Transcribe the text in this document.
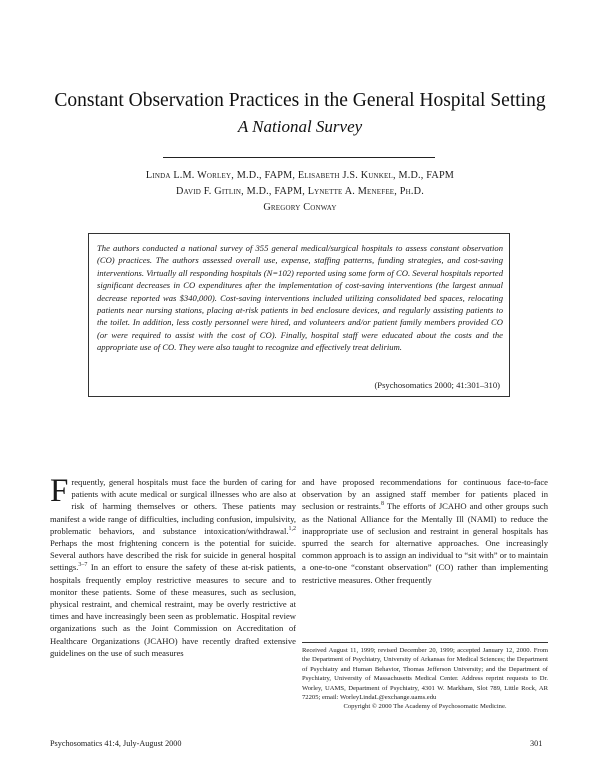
Constant Observation Practices in the General Hospital Setting
A National Survey
Linda L.M. Worley, M.D., FAPM, Elisabeth J.S. Kunkel, M.D., FAPM
David F. Gitlin, M.D., FAPM, Lynette A. Menefee, Ph.D.
Gregory Conway
The authors conducted a national survey of 355 general medical/surgical hospitals to assess constant observation (CO) practices. The authors assessed overall use, expense, staffing patterns, funding strategies, and cost-saving interventions. Virtually all responding hospitals (N=102) reported using some form of CO. Several hospitals reported significant decreases in CO expenditures after the implementation of cost-saving interventions (the largest annual decrease reported was $340,000). Cost-saving interventions included utilizing consolidated bed spaces, relocating patients near nursing stations, placing at-risk patients in bed enclosure devices, and regularly assisting patients to the toilet. In addition, less costly personnel were hired, and volunteers and/or patient family members provided CO (or were required to assist with the cost of CO). Finally, hospital staff were educated about the costs and the appropriate use of CO. They were also taught to recognize and effectively treat delirium.
(Psychosomatics 2000; 41:301–310)
Frequently, general hospitals must face the burden of caring for patients with acute medical or surgical illnesses who are also at risk of harming themselves or others. These patients may manifest a wide range of difficulties, including confusion, impulsivity, problematic behaviors, and substance intoxication/withdrawal.$^{1,2}$ Perhaps the most frightening concern is the potential for suicide. Several authors have described the risk for suicide in general hospital settings.$^{3-7}$ In an effort to ensure the safety of these at-risk patients, hospitals frequently employ restrictive measures to secure and to monitor these patients. Some of these measures, such as seclusion, physical restraint, and chemical restraint, may be overly restrictive at times and have increasingly been seen as problematic. Hospital review organizations such as the Joint Commission on Accreditation of Healthcare Organizations (JCAHO) have recently drafted extensive guidelines on the use of such measures
and have proposed recommendations for continuous face-to-face observation by an assigned staff member for patients placed in seclusion or restraints.$^8$ The efforts of JCAHO and other groups such as the National Alliance for the Mentally Ill (NAMI) to reduce the inappropriate use of seclusion and restraint in general hospitals has spurred the search for alternative approaches. One increasingly common approach is to assign an individual to “sit with” or to maintain a one-to-one “constant observation” (CO) rather than implementing restrictive measures. Other frequently
Received August 11, 1999; revised December 20, 1999; accepted January 12, 2000. From the Department of Psychiatry, University of Arkansas for Medical Sciences; the Department of Psychiatry and Human Behavior, Thomas Jefferson University; and the Department of Psychiatry, University of Massachusetts Medical Center. Address reprint requests to Dr. Worley, UAMS, Department of Psychiatry, 4301 W. Markham, Slot 789, Little Rock, AR 72205; email: WorleyLindaL@exchange.uams.edu
Copyright © 2000 The Academy of Psychosomatic Medicine.
Psychosomatics 41:4, July-August 2000	301
